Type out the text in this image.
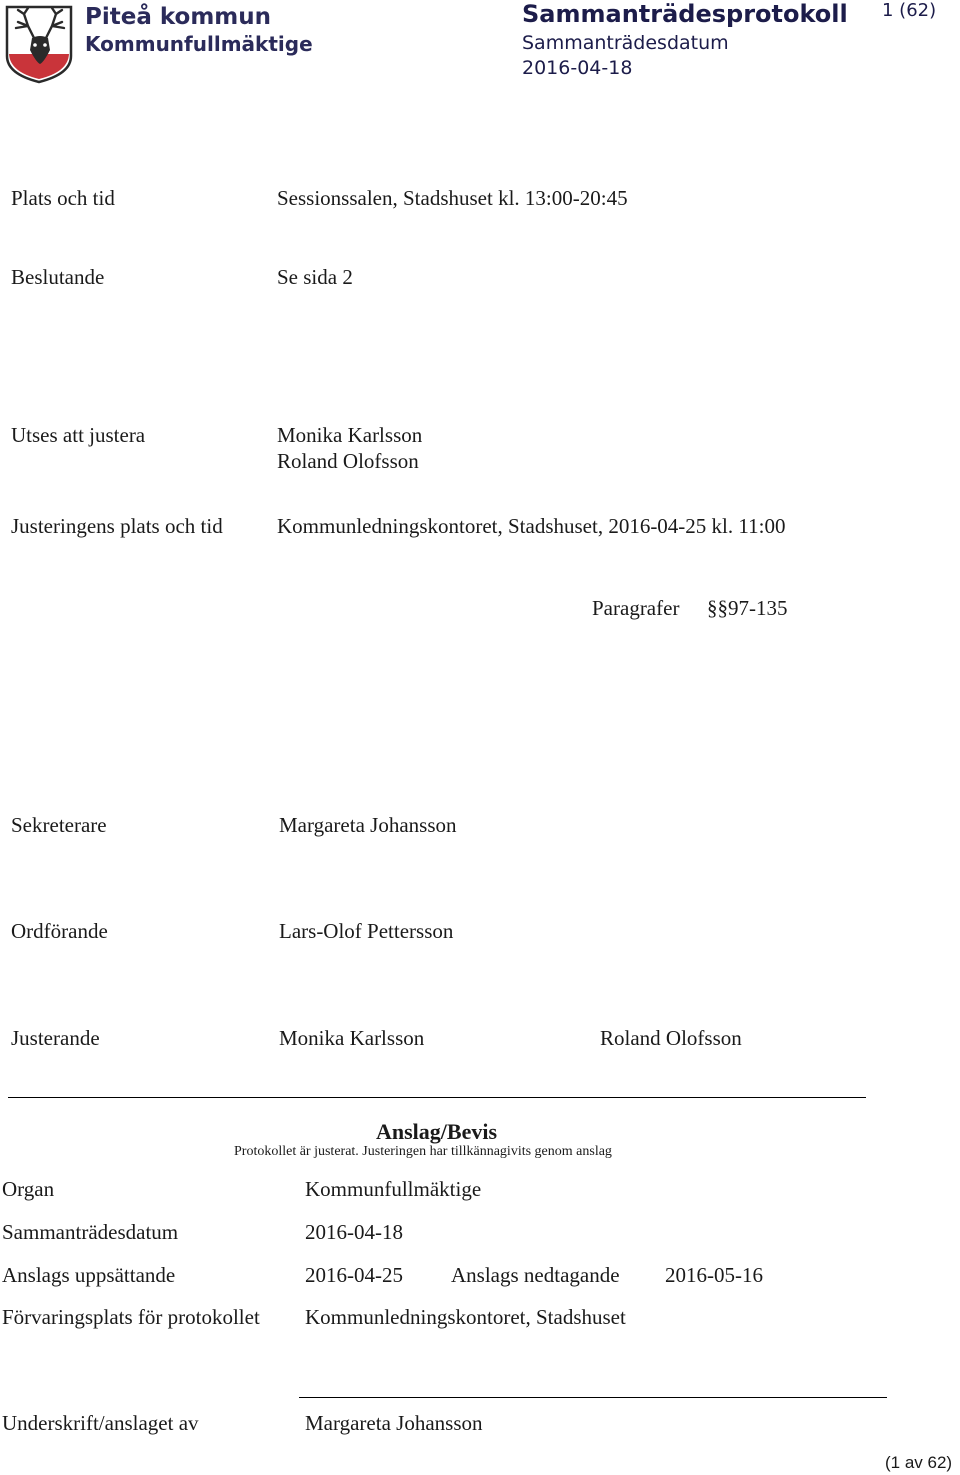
Piteå kommun
Kommunfullmäktige
Sammanträdesprotokoll
Sammanträdesdatum
2016-04-18
1 (62)
Plats och tid	Sessionssalen, Stadshuset kl. 13:00-20:45
Beslutande	Se sida 2
Utses att justera	Monika Karlsson
Roland Olofsson
Justeringens plats och tid	Kommunledningskontoret, Stadshuset, 2016-04-25 kl. 11:00
Paragrafer §§97-135
Sekreterare	Margareta Johansson
Ordförande	Lars-Olof Pettersson
Justerande	Monika Karlsson	Roland Olofsson
Anslag/Bevis
Protokollet är justerat. Justeringen har tillkännagivits genom anslag
Organ	Kommunfullmäktige
Sammanträdesdatum	2016-04-18
Anslags uppsättande	2016-04-25 Anslags nedtagande 2016-05-16
Förvaringsplats för protokollet Kommunledningskontoret, Stadshuset
Underskrift/anslaget av	Margareta Johansson
(1 av 62)
